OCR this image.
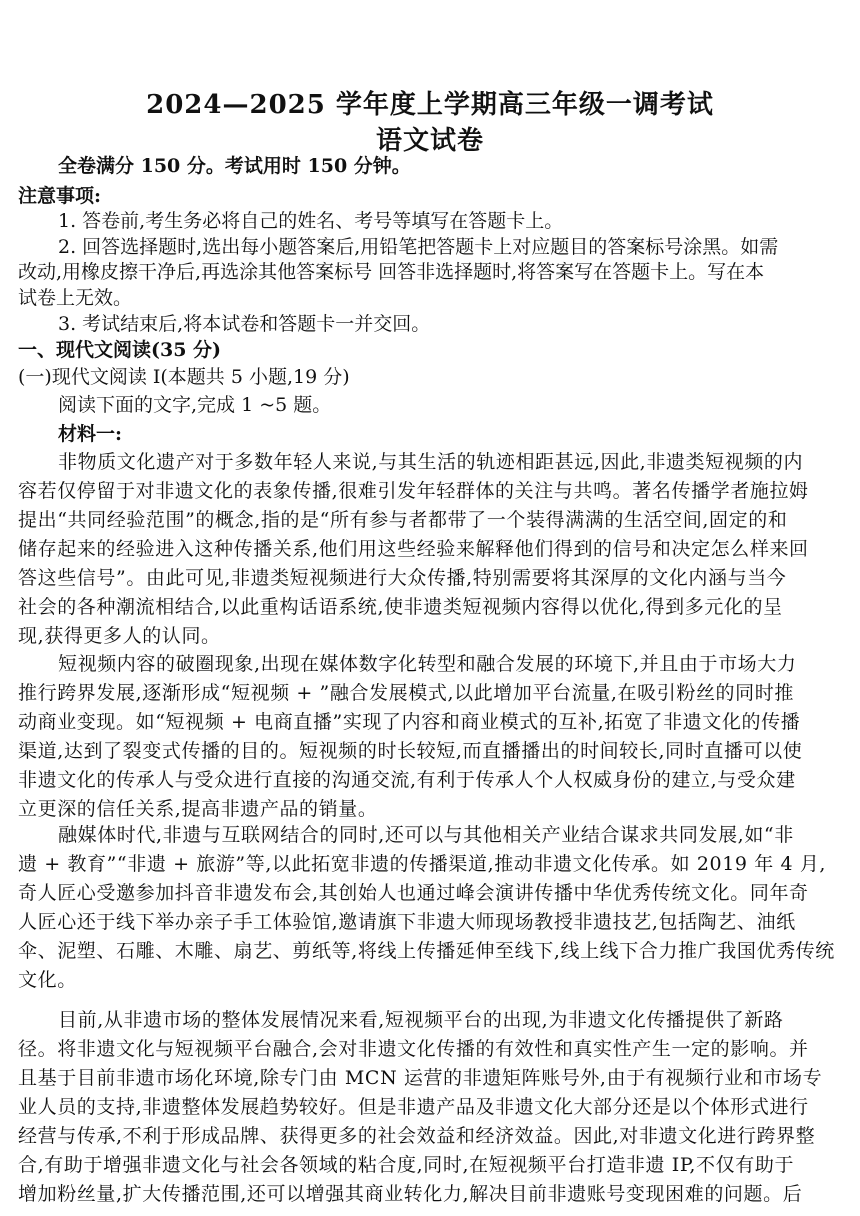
2024—2025 学年度上学期高三年级一调考试
语文试卷
全卷满分 150 分。考试用时 150 分钟。
注意事项:
1. 答卷前,考生务必将自己的姓名、考号等填写在答题卡上。
2. 回答选择题时,选出每小题答案后,用铅笔把答题卡上对应题目的答案标号涂黑。如需
改动,用橡皮擦干净后,再选涂其他答案标号 回答非选择题时,将答案写在答题卡上。写在本
试卷上无效。
3. 考试结束后,将本试卷和答题卡一并交回。
一、现代文阅读(35 分)
(一)现代文阅读 I(本题共 5 小题,19 分)
阅读下面的文字,完成 1 ~5 题。
材料一:
非物质文化遗产对于多数年轻人来说,与其生活的轨迹相距甚远,因此,非遗类短视频的内
容若仅停留于对非遗文化的表象传播,很难引发年轻群体的关注与共鸣。著名传播学者施拉姆
提出“共同经验范围”的概念,指的是“所有参与者都带了一个装得满满的生活空间,固定的和
储存起来的经验进入这种传播关系,他们用这些经验来解释他们得到的信号和决定怎么样来回
答这些信号”。由此可见,非遗类短视频进行大众传播,特别需要将其深厚的文化内涵与当今
社会的各种潮流相结合,以此重构话语系统,使非遗类短视频内容得以优化,得到多元化的呈
现,获得更多人的认同。
短视频内容的破圈现象,出现在媒体数字化转型和融合发展的环境下,并且由于市场大力
推行跨界发展,逐渐形成“短视频 + ”融合发展模式,以此增加平台流量,在吸引粉丝的同时推
动商业变现。如“短视频 + 电商直播”实现了内容和商业模式的互补,拓宽了非遗文化的传播
渠道,达到了裂变式传播的目的。短视频的时长较短,而直播播出的时间较长,同时直播可以使
非遗文化的传承人与受众进行直接的沟通交流,有利于传承人个人权威身份的建立,与受众建
立更深的信任关系,提高非遗产品的销量。
融媒体时代,非遗与互联网结合的同时,还可以与其他相关产业结合谋求共同发展,如“非
遗 + 教育”“非遗 + 旅游”等,以此拓宽非遗的传播渠道,推动非遗文化传承。如 2019 年 4 月,
奇人匠心受邀参加抖音非遗发布会,其创始人也通过峰会演讲传播中华优秀传统文化。同年奇
人匠心还于线下举办亲子手工体验馆,邀请旗下非遗大师现场教授非遗技艺,包括陶艺、油纸
伞、泥塑、石雕、木雕、扇艺、剪纸等,将线上传播延伸至线下,线上线下合力推广我国优秀传统
文化。
目前,从非遗市场的整体发展情况来看,短视频平台的出现,为非遗文化传播提供了新路
径。将非遗文化与短视频平台融合,会对非遗文化传播的有效性和真实性产生一定的影响。并
且基于目前非遗市场化环境,除专门由 MCN 运营的非遗矩阵账号外,由于有视频行业和市场专
业人员的支持,非遗整体发展趋势较好。但是非遗产品及非遗文化大部分还是以个体形式进行
经营与传承,不利于形成品牌、获得更多的社会效益和经济效益。因此,对非遗文化进行跨界整
合,有助于增强非遗文化与社会各领域的粘合度,同时,在短视频平台打造非遗 IP,不仅有助于
增加粉丝量,扩大传播范围,还可以增强其商业转化力,解决目前非遗账号变现困难的问题。后
